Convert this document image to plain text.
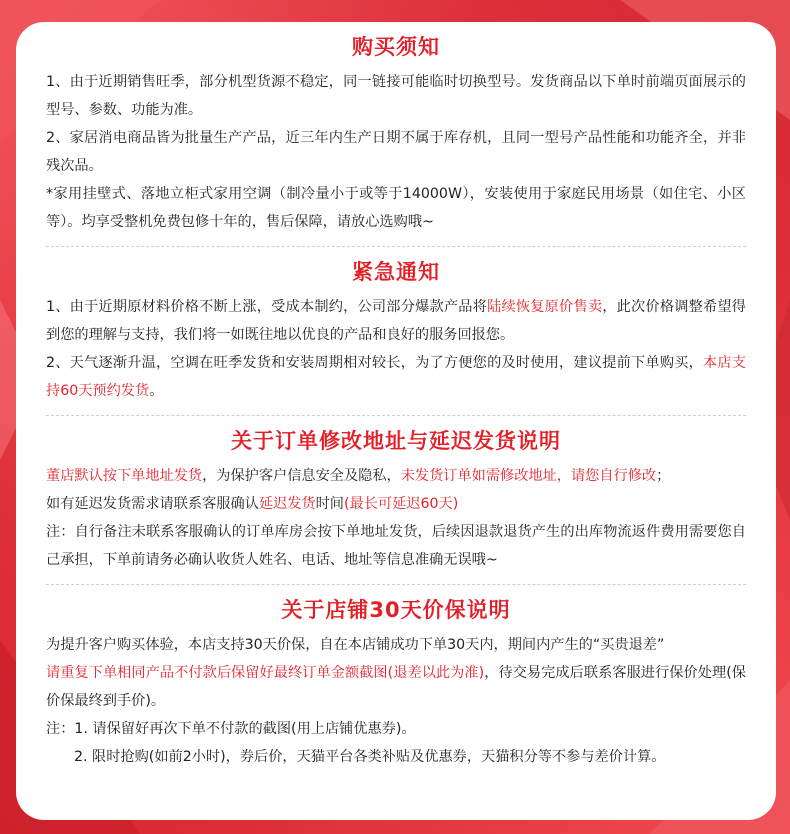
购买须知

1、由于近期销售旺季，部分机型货源不稳定，同一链接可能临时切换型号。发货商品以下单时前端页面展示的型号、参数、功能为准。

2、家居消电商品皆为批量生产产品，近三年内生产日期不属于库存机，且同一型号产品性能和功能齐全，并非残次品。

*家用挂壁式、落地立柜式家用空调（制冷量小于或等于14000W），安装使用于家庭民用场景（如住宅、小区等）。均享受整机免费包修十年的，售后保障，请放心选购哦~

紧急通知

1、由于近期原材料价格不断上涨，受成本制约，公司部分爆款产品将陆续恢复原价售卖，此次价格调整希望得到您的理解与支持，我们将一如既往地以优良的产品和良好的服务回报您。

2、天气逐渐升温，空调在旺季发货和安装周期相对较长，为了方便您的及时使用，建议提前下单购买，本店支持60天预约发货。

关于订单修改地址与延迟发货说明

董店默认按下单地址发货，为保护客户信息安全及隐私，未发货订单如需修改地址，请您自行修改；

如有延迟发货需求请联系客服确认延迟发货时间(最长可延迟60天)

注：自行备注未联系客服确认的订单库房会按下单地址发货，后续因退款退货产生的出库物流返件费用需要您自己承担，下单前请务必确认收货人姓名、电话、地址等信息准确无误哦~

关于店铺30天价保说明

为提升客户购买体验，本店支持30天价保，自在本店铺成功下单30天内，期间内产生的“买贵退差”

请重复下单相同产品不付款后保留好最终订单金额截图(退差以此为准)，待交易完成后联系客服进行保价处理(保价保最终到手价)。

注：1. 请保留好再次下单不付款的截图(用上店铺优惠券)。

2. 限时抢购(如前2小时)，券后价，天猫平台各类补贴及优惠券，天猫积分等不参与差价计算。
